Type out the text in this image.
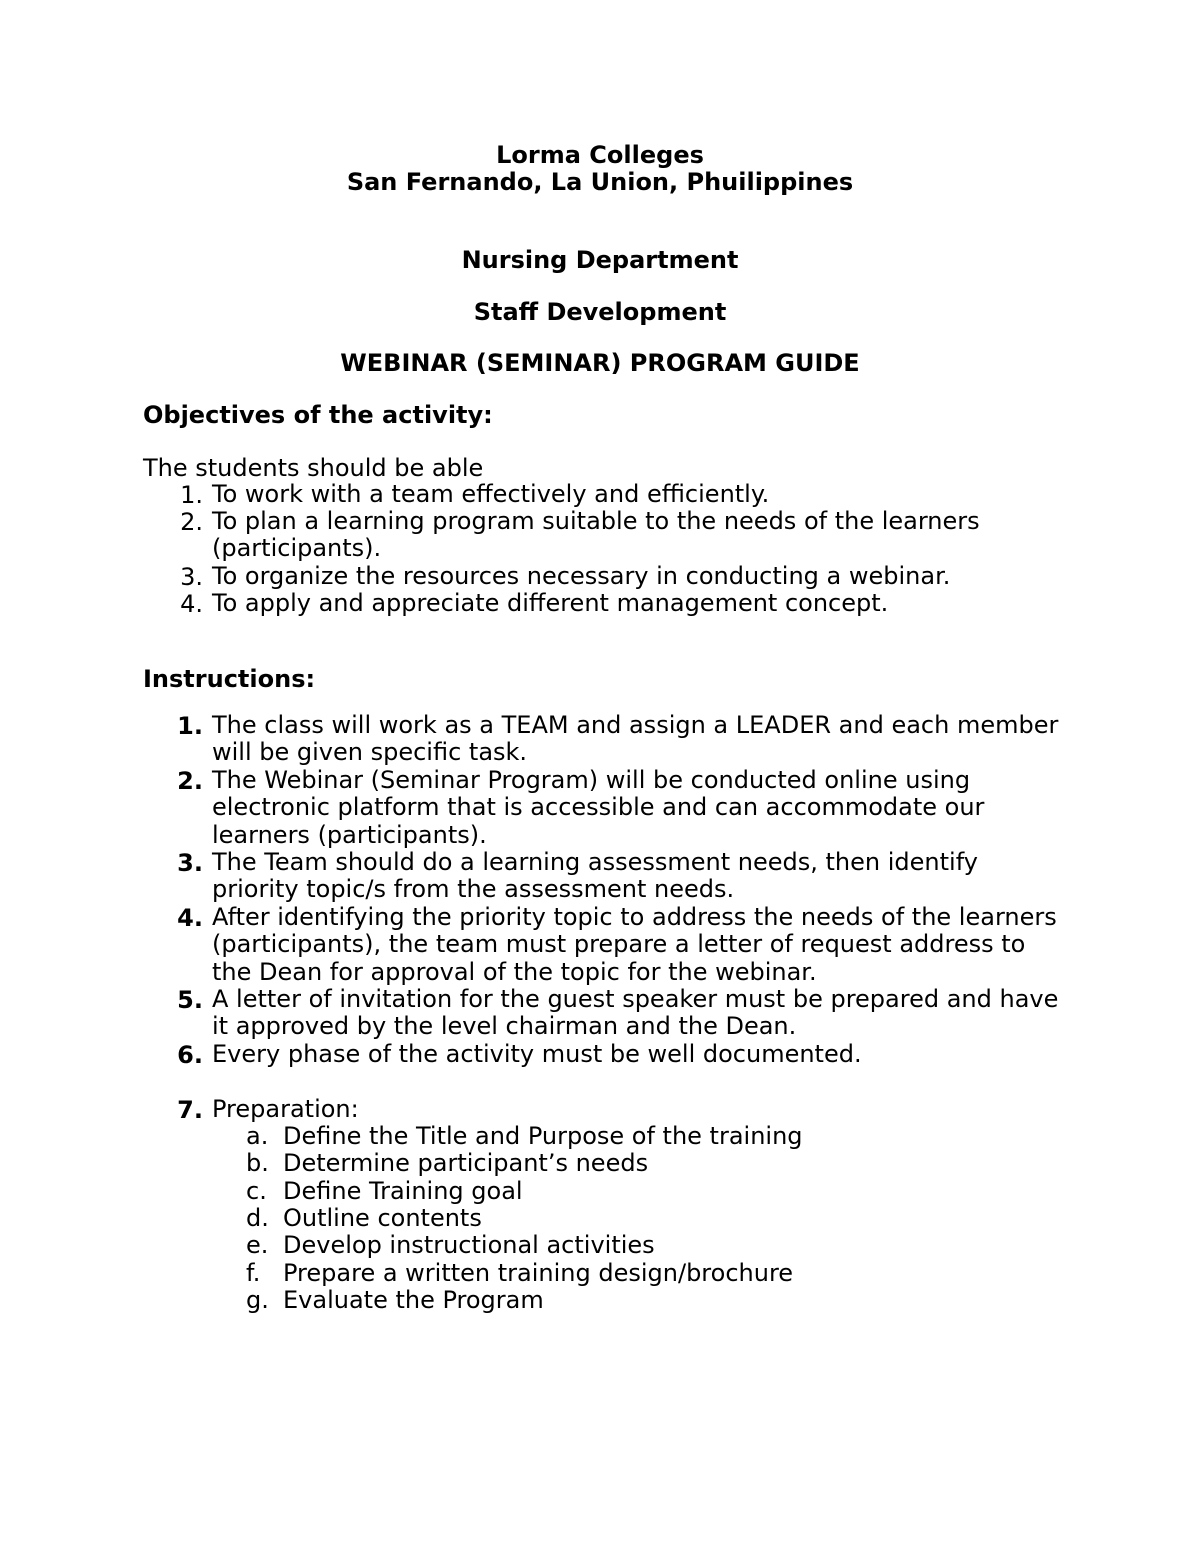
Lorma Colleges
San Fernando, La Union, Phuilippines
Nursing Department
Staff Development
WEBINAR (SEMINAR) PROGRAM GUIDE
Objectives of the activity:
The students should be able
1. To work with a team effectively and efficiently.
2. To plan a learning program suitable to the needs of the learners (participants).
3. To organize the resources necessary in conducting a webinar.
4. To apply and appreciate different management concept.
Instructions:
1. The class will work as a TEAM and assign a LEADER and each member will be given specific task.
2. The Webinar (Seminar Program) will be conducted online using electronic platform that is accessible and can accommodate our learners (participants).
3. The Team should do a learning assessment needs, then identify priority topic/s from the assessment needs.
4. After identifying the priority topic to address the needs of the learners (participants), the team must prepare a letter of request address to the Dean for approval of the topic for the webinar.
5. A letter of invitation for the guest speaker must be prepared and have it approved by the level chairman and the Dean.
6. Every phase of the activity must be well documented.
7. Preparation:
a. Define the Title and Purpose of the training
b. Determine participant’s needs
c. Define Training goal
d. Outline contents
e. Develop instructional activities
f. Prepare a written training design/brochure
g. Evaluate the Program
